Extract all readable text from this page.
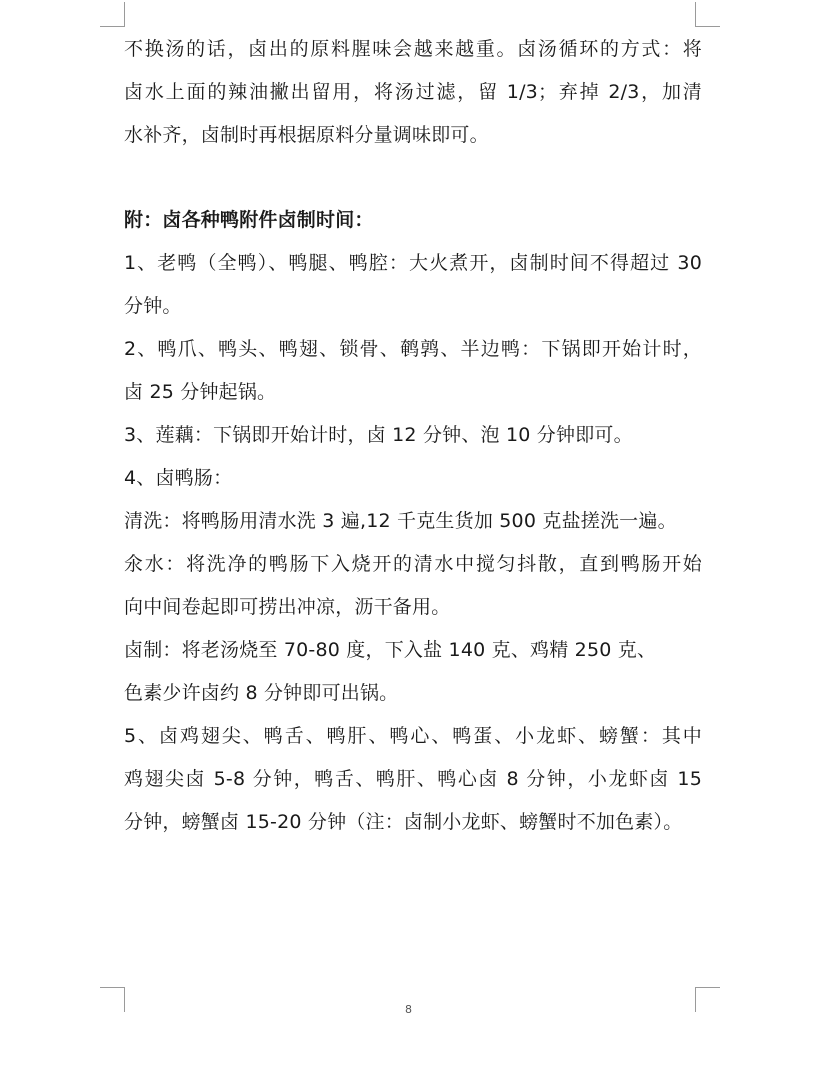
不换汤的话，卤出的原料腥味会越来越重。卤汤循环的方式：将
卤水上面的辣油撇出留用，将汤过滤，留 1/3；弃掉 2/3，加清
水补齐，卤制时再根据原料分量调味即可。
附：卤各种鸭附件卤制时间：
1、老鸭（全鸭）、鸭腿、鸭腔：大火煮开，卤制时间不得超过 30
分钟。
2、鸭爪、鸭头、鸭翅、锁骨、鹌鹑、半边鸭：下锅即开始计时，
卤 25 分钟起锅。
3、莲藕：下锅即开始计时，卤 12 分钟、泡 10 分钟即可。
4、卤鸭肠：
清洗：将鸭肠用清水洗 3 遍,12 千克生货加 500 克盐搓洗一遍。
氽水：将洗净的鸭肠下入烧开的清水中搅匀抖散，直到鸭肠开始
向中间卷起即可捞出冲凉，沥干备用。
卤制：将老汤烧至 70-80 度，下入盐 140 克、鸡精 250 克、
色素少许卤约 8 分钟即可出锅。
5、卤鸡翅尖、鸭舌、鸭肝、鸭心、鸭蛋、小龙虾、螃蟹：其中
鸡翅尖卤 5-8 分钟，鸭舌、鸭肝、鸭心卤 8 分钟，小龙虾卤 15
分钟，螃蟹卤 15-20 分钟（注：卤制小龙虾、螃蟹时不加色素）。
8
